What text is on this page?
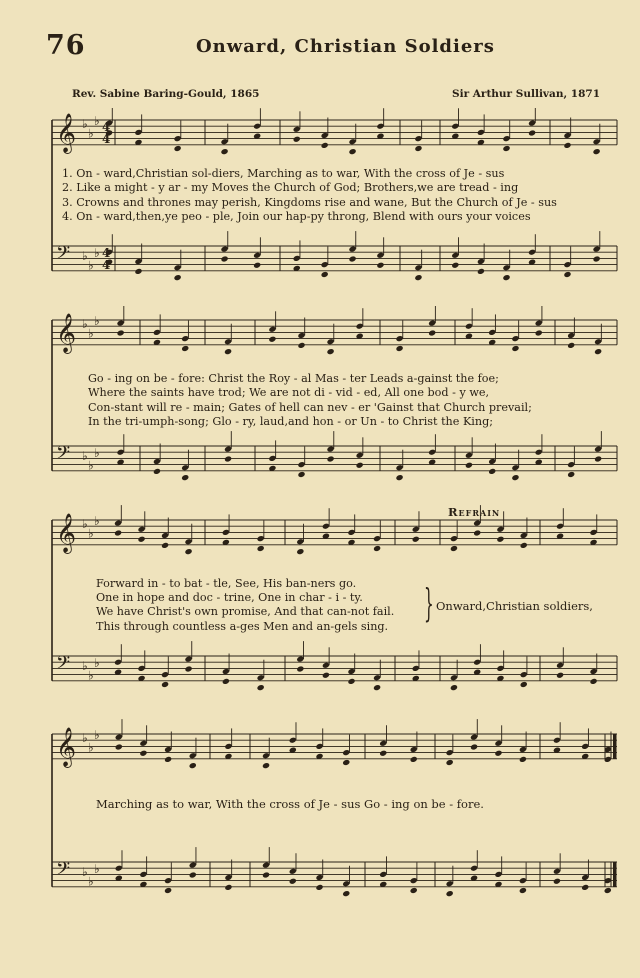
76	Onward, Christian Soldiers
Rev. Sabine Baring-Gould, 1865	Sir Arthur Sullivan, 1871
𝄞 ♭
♭
♭
𝄢 ♭
♭
♭
4
4
4
4
1. On - ward,Christian sol-diers, Marching as to war, With the cross of Je - sus
2. Like a might - y ar - my Moves the Church of God; Brothers,we are tread - ing
3. Crowns and thrones may perish, Kingdoms rise and wane, But the Church of Je - sus
4. On - ward,then,ye peo - ple, Join our hap-py throng, Blend with ours your voices
𝄞 ♭
♭
♭
𝄢 ♭
♭
♭
Go - ing on be - fore: Christ the Roy - al Mas - ter Leads a-gainst the foe;
Where the saints have trod; We are not di - vid - ed, All one bod - y we,
Con-stant will re - main; Gates of hell can nev - er 'Gainst that Church prevail;
In the tri-umph-song; Glo - ry, laud,and hon - or Un - to Christ the King;
𝄞 ♭
♭
♭
𝄢 ♭
♭
♭
Refrain
Forward in - to bat - tle, See, His ban-ners go.
One in hope and doc - trine, One in char - i - ty.
We have Christ's own promise, And that can-not fail.
This through countless a-ges Men and an-gels sing.
} Onward,Christian soldiers,
𝄞 ♭
♭
♭
𝄢 ♭
♭
♭
Marching as to war, With the cross of Je - sus Go - ing on be - fore.
